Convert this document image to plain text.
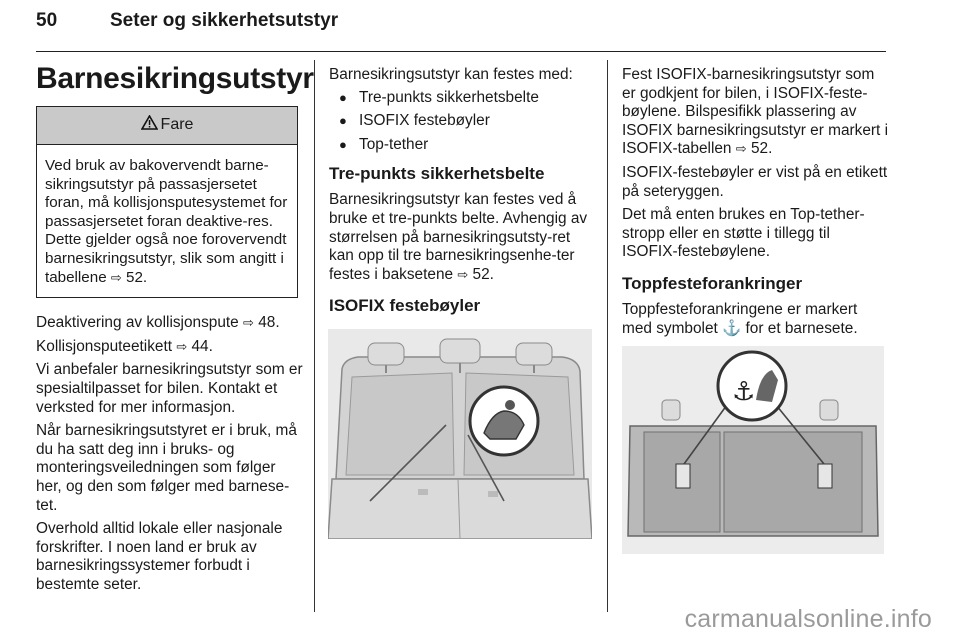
50	Seter og sikkerhetsutstyr
Barnesikringsutstyr
Fare
Ved bruk av bakovervendt barne-sikringsutstyr på passasjersetet foran, må kollisjonsputesystemet for passasjersetet foran deaktive-res. Dette gjelder også noe forovervendt barnesikringsutstyr, slik som angitt i tabellene ⇨ 52.

Deaktivering av kollisjonspute ⇨ 48.

Kollisjonsputeetikett ⇨ 44.

Vi anbefaler barnesikringsutstyr som er spesialtilpasset for bilen. Kontakt et verksted for mer informasjon.

Når barnesikringsutstyret er i bruk, må du ha satt deg inn i bruks- og monteringsveiledningen som følger her, og den som følger med barnese-tet.

Overhold alltid lokale eller nasjonale forskrifter. I noen land er bruk av barnesikringssystemer forbudt i bestemte seter.

Barnesikringsutstyr kan festes med:

● Tre-punkts sikkerhetsbelte
● ISOFIX festebøyler
● Top-tether
Tre-punkts sikkerhetsbelte

Barnesikringsutstyr kan festes ved å bruke et tre-punkts belte. Avhengig av størrelsen på barnesikringsutsty-ret kan opp til tre barnesikringsenhe-ter festes i baksetene ⇨ 52.

ISOFIX festebøyler

Fest ISOFIX-barnesikringsutstyr som er godkjent for bilen, i ISOFIX-feste-bøylene. Bilspesifikk plassering av ISOFIX barnesikringsutstyr er markert i ISOFIX-tabellen ⇨ 52.

ISOFIX-festebøyler er vist på en etikett på seteryggen.

Det må enten brukes en Top-tether-stropp eller en støtte i tillegg til ISOFIX-festebøylene.

Toppfesteforankringer

Toppfesteforankringene er markert med symbolet ⚓ for et barnesete.

⚓
carmanualsonline.info
